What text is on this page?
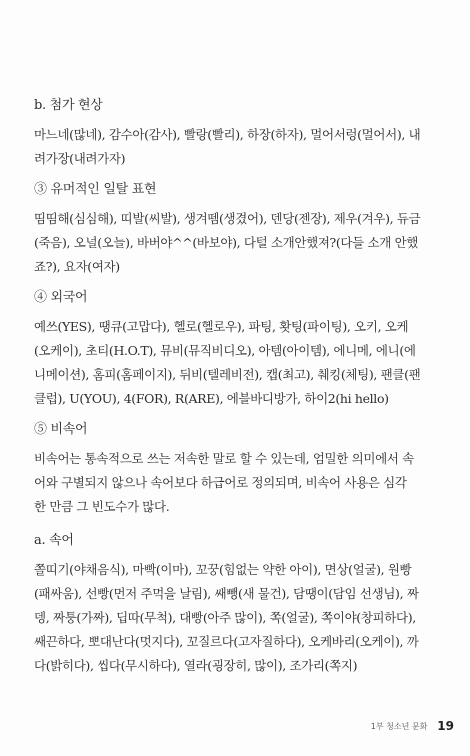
b. 첨가 현상

마느네(많네), 감수아(감사), 빨랑(빨리), 하장(하자), 멀어서렁(멀어서), 내
려가장(내려가자)

③ 유머적인 일탈 표현

띰띰해(심심해), 띠발(씨발), 생겨뗌(생겼어), 덴당(젠장), 제우(겨우), 듀금
(죽음), 오널(오늘), 바버야^^(바보야), 다털 소개안했져?(다들 소개 안했
죠?), 요자(여자)

④ 외국어

예쓰(YES), 땡큐(고맙다), 헬로(헬로우), 파팅, 홧팅(파이팅), 오키, 오케
(오케이), 초티(H.O.T), 뮤비(뮤직비디오), 아템(아이템), 에니메, 에니(에
니메이션), 홈피(홈페이지), 뒤비(텔레비전), 캡(최고), 췌킹(체팅), 팬클(팬
클럽), U(YOU), 4(FOR), R(ARE), 에블바디방가, 하이2(hi hello)

⑤ 비속어

비속어는 통속적으로 쓰는 저속한 말로 할 수 있는데, 엄밀한 의미에서 속
어와 구별되지 않으나 속어보다 하급어로 정의되며, 비속어 사용은 심각
한 만큼 그 빈도수가 많다.

a. 속어

쫄띠기(야채음식), 마빡(이마), 꼬꿍(힘없는 약한 아이), 면상(얼굴), 원빵
(패싸움), 선빵(먼저 주먹을 날림), 쌔뺑(새 물건), 담땡이(담임 선생님), 짜
뎅, 짜퉁(가짜), 딥따(무척), 대빵(아주 많이), 쪽(얼굴), 쪽이야(창피하다),
쌔끈하다, 뽀대난다(멋지다), 꼬질르다(고자질하다), 오케바리(오케이), 까
다(밝히다), 씹다(무시하다), 열라(굉장히, 많이), 조가리(쪽지)

1부 청소년 문화 19
